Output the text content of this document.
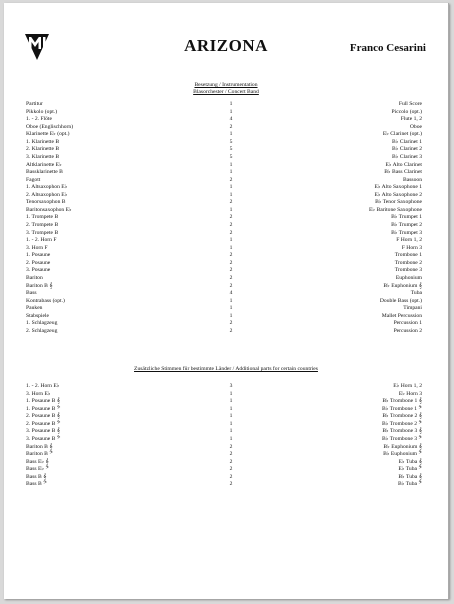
ARIZONA	Franco Cesarini
Besetzung / Instrumentation
Blasorchester / Concert Band
Partitur	1	Full Score
Pikkolo (opt.)	1	Piccolo (opt.)
1. - 2. Flöte	4	Flute 1, 2
Oboe (Englischhorn)	2	Oboe
Klarinette E♭ (opt.)	1	E♭ Clarinet (opt.)
1. Klarinette B	5	B♭ Clarinet 1
2. Klarinette B	5	B♭ Clarinet 2
3. Klarinette B	5	B♭ Clarinet 3
Altklarinette E♭	1	E♭ Alto Clarinet
Bassklarinette B	1	B♭ Bass Clarinet
Fagott	2	Bassoon
1. Altsaxophon E♭	1	E♭ Alto Saxophone 1
2. Altsaxophon E♭	1	E♭ Alto Saxophone 2
Tenorsaxophon B	2	B♭ Tenor Saxophone
Baritonsaxophon E♭	1	E♭ Baritone Saxophone
1. Trompete B	2	B♭ Trumpet 1
2. Trompete B	2	B♭ Trumpet 2
3. Trompete B	2	B♭ Trumpet 3
1. - 2. Horn F	1	F Horn 1, 2
3. Horn F	1	F Horn 3
1. Posaune	2	Trombone 1
2. Posaune	2	Trombone 2
3. Posaune	2	Trombone 3
Bariton	2	Euphonium
Bariton B 𝄞	2	B♭ Euphonium 𝄞
Bass	4	Tuba
Kontrabass (opt.)	1	Double Bass (opt.)
Pauken	1	Timpani
Stabspiele	1	Mallet Percussion
1. Schlagzeug	2	Percussion 1
2. Schlagzeug	2	Percussion 2
Zusätzliche Stimmen für bestimmte Länder / Additional parts for certain countries
1. - 2. Horn E♭	3	E♭ Horn 1, 2
3. Horn E♭	1	E♭ Horn 3
1. Posaune B 𝄞	1	B♭ Trombone 1 𝄞
1. Posaune B 𝄢	1	B♭ Trombone 1 𝄢
2. Posaune B 𝄞	1	B♭ Trombone 2 𝄞
2. Posaune B 𝄢	1	B♭ Trombone 2 𝄢
3. Posaune B 𝄞	1	B♭ Trombone 3 𝄞
3. Posaune B 𝄢	1	B♭ Trombone 3 𝄢
Bariton B 𝄞	2	B♭ Euphonium 𝄞
Bariton B 𝄢	2	B♭ Euphonium 𝄢
Bass E♭ 𝄞	2	E♭ Tuba 𝄞
Bass E♭ 𝄢	2	E♭ Tuba 𝄢
Bass B 𝄞	2	B♭ Tuba 𝄞
Bass B 𝄢	2	B♭ Tuba 𝄢
